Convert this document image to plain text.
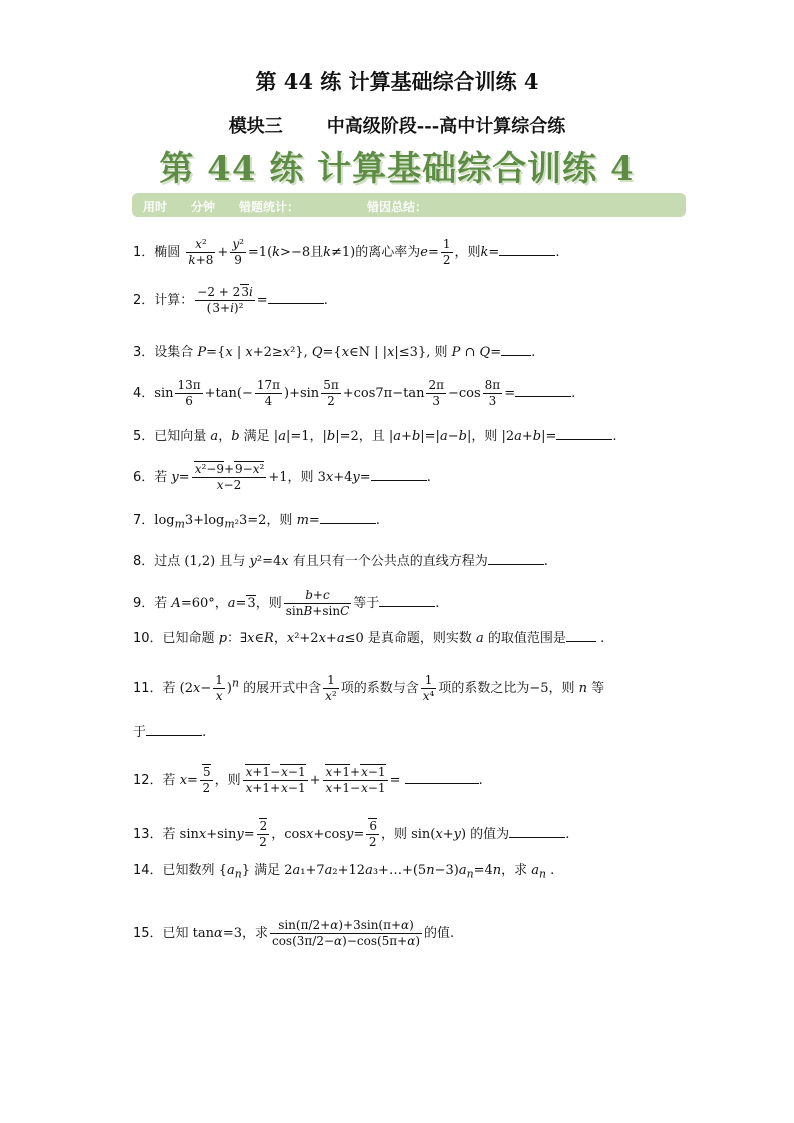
第 44 练 计算基础综合训练 4
模块三 中高级阶段---高中计算综合练
第 44 练 计算基础综合训练 4
用时 分钟 错题统计：	错因总结：
1．椭圆 $\frac{\text{x²}}{k+8} + \frac{\text{y²}}{9} =1(k>-8$且k≠1)的离心率为$e= \frac{1}{2}$ ，则k=	.
2．计算： $\frac{-2 + 23i}{\text{(3+i)²}}$ =	.
3．设集合 P={x | x+2≥x²}, Q={x∈N | |x|≤3}, 则 P ∩ Q= .
4．$\sin \frac{13\pi}{6} +\tan(- \frac{17\pi}{4} )+\sin \frac{5\pi}{2} +\cos 7\pi-\tan \frac{2\pi}{3} -\cos \frac{8\pi}{3}$ =	.
5．已知向量 a，b 满足 |a|=1，|b|=2，且 |a+b|=|a−b|，则 |2a+b|=	.
6．若 $y= \frac{\text{x²−9+9−x²}}{x-2} +1$，则 3x+4y=	.
7．$\log_m3+\log_{m^2}3=2$，则 m=	.
8．过点 (1,2) 且与 y²=4x 有且只有一个公共点的直线方程为	.
9．若 A=60°，a=3，则 $\frac{b+c}{\sin B+\sin C}$ 等于	.
10．已知命题 p：∃x∈R，x²+2x+a≤0 是真命题，则实数 a 的取值范围是 .
11．若 $(2x- \frac{1}{x} )^n$ 的展开式中含 $\frac{1}{\text{x²}}$ 项的系数与含 $\frac{1}{\text{x⁴}}$ 项的系数之比为−5，则 n 等
于	.
12．若 $x= \frac{5}{2}$ ，则 $\frac{x+1-x-1}{x+1+x-1} + \frac{x+1+x-1}{x+1-x-1}$ =	.
13．若 $\sin x+\sin y= \frac{2}{2}$ ，$\cos x+\cos y= \frac{6}{2}$ ，则 sin(x+y) 的值为	.
14．已知数列 $\{a_n\}$ 满足 $2a_1+7a_2+12a_3+\dots+(5n-3)a_n=4n$，求 $a_n$ .
15．已知 tanα=3，求 $\frac{\sin(\pi/2+\alpha)+3\sin(\pi+\alpha)}{\cos(3\pi/2-\alpha)-\cos(5\pi+\alpha)}$ 的值.
